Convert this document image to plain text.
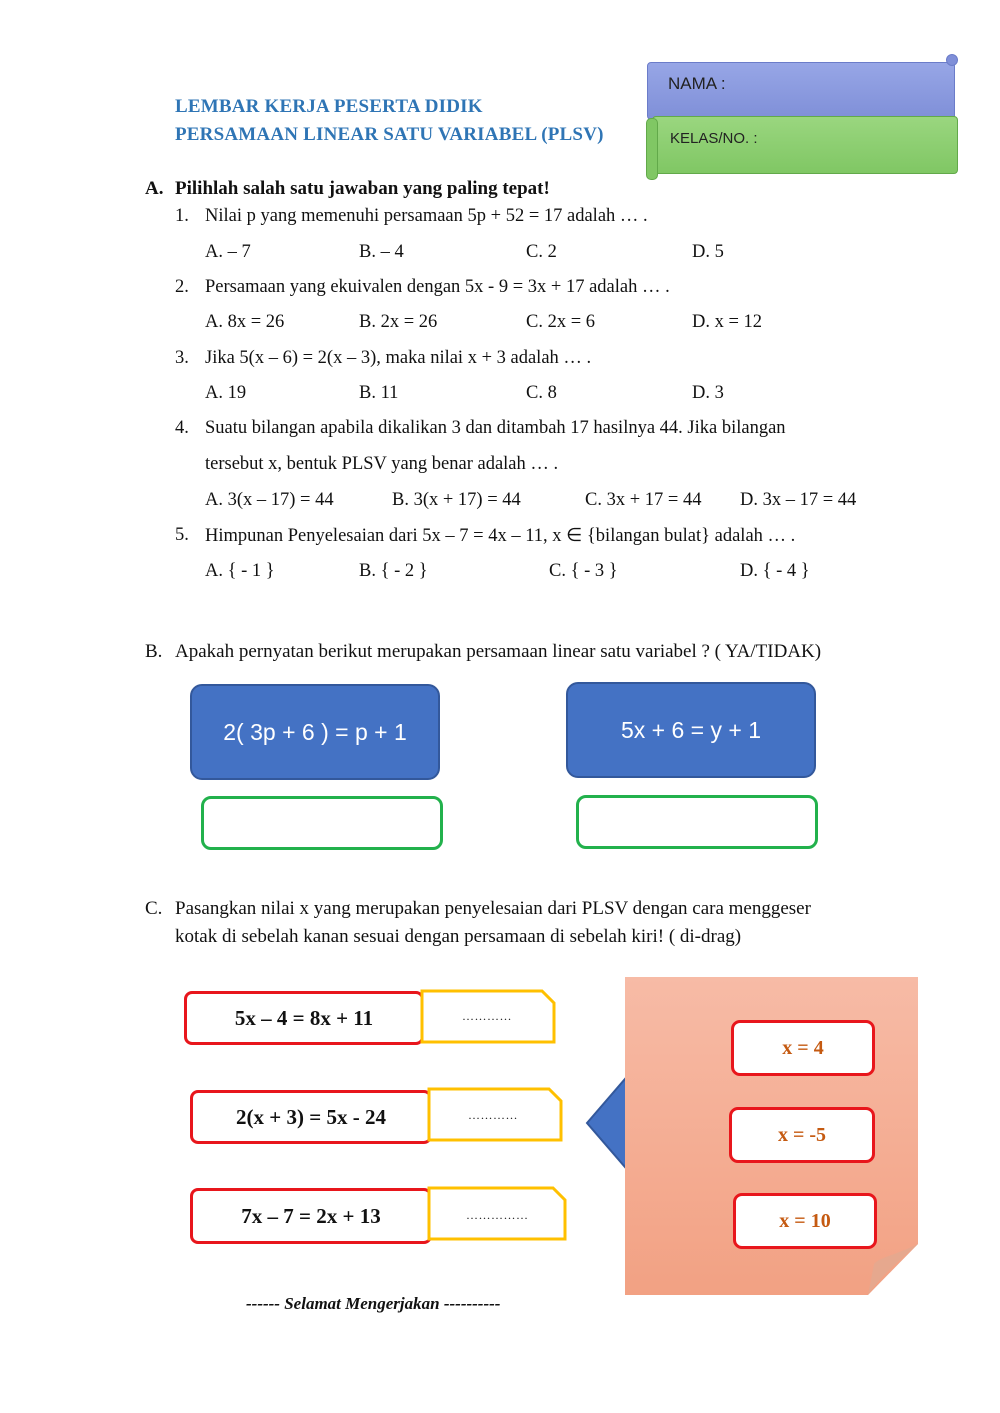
LEMBAR KERJA PESERTA DIDIK
PERSAMAAN LINEAR SATU VARIABEL (PLSV)
NAMA :
KELAS/NO. :
A. Pilihlah salah satu jawaban yang paling tepat!
1. Nilai p yang memenuhi persamaan 5p + 52 = 17 adalah … .
A. – 7	B. – 4	C. 2	D. 5
2. Persamaan yang ekuivalen dengan 5x - 9 = 3x + 17 adalah … .
A. 8x = 26	B. 2x = 26	C. 2x = 6	D. x = 12
3. Jika 5(x – 6) = 2(x – 3), maka nilai x + 3 adalah … .
A. 19	B. 11	C. 8	D. 3
4. Suatu bilangan apabila dikalikan 3 dan ditambah 17 hasilnya 44. Jika bilangan
tersebut x, bentuk PLSV yang benar adalah … .
A. 3(x – 17) = 44	B. 3(x + 17) = 44	C. 3x + 17 = 44 D. 3x – 17 = 44
5. Himpunan Penyelesaian dari 5x – 7 = 4x – 11, x ∈ {bilangan bulat} adalah … .
A. { - 1 }	B. { - 2 }	C. { - 3 }	D. { - 4 }
B. Apakah pernyatan berikut merupakan persamaan linear satu variabel ? ( YA/TIDAK)
2( 3p + 6 ) = p + 1	5x + 6 = y + 1
C. Pasangkan nilai x yang merupakan penyelesaian dari PLSV dengan cara menggeser
kotak di sebelah kanan sesuai dengan persamaan di sebelah kiri! ( di-drag)
5x – 4 = 8x + 11	…………
2(x + 3) = 5x - 24	…………
7x – 7 = 2x + 13	……………
x = 4
x = -5
x = 10
------ Selamat Mengerjakan ----------
